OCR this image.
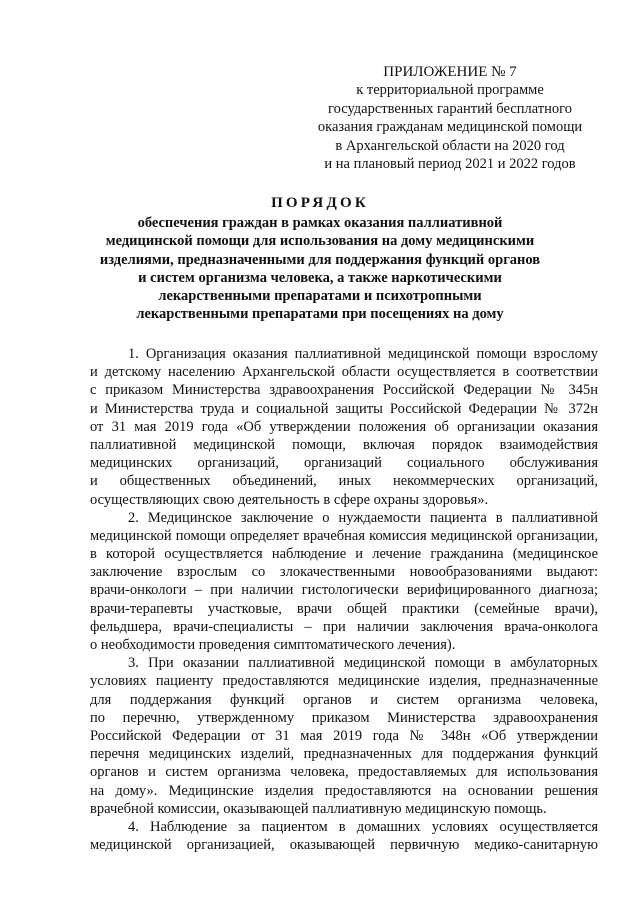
ПРИЛОЖЕНИЕ № 7
к территориальной программе
государственных гарантий бесплатного
оказания гражданам медицинской помощи
в Архангельской области на 2020 год
и на плановый период 2021 и 2022 годов
ПОРЯДОК
обеспечения граждан в рамках оказания паллиативной
медицинской помощи для использования на дому медицинскими
изделиями, предназначенными для поддержания функций органов
и систем организма человека, а также наркотическими
лекарственными препаратами и психотропными
лекарственными препаратами при посещениях на дому
1. Организация оказания паллиативной медицинской помощи взрослому
и детскому населению Архангельской области осуществляется в соответствии
с приказом Министерства здравоохранения Российской Федерации № 345н
и Министерства труда и социальной защиты Российской Федерации № 372н
от 31 мая 2019 года «Об утверждении положения об организации оказания
паллиативной медицинской помощи, включая порядок взаимодействия
медицинских организаций, организаций социального обслуживания
и общественных объединений, иных некоммерческих организаций,
осуществляющих свою деятельность в сфере охраны здоровья».
2. Медицинское заключение о нуждаемости пациента в паллиативной
медицинской помощи определяет врачебная комиссия медицинской организации,
в которой осуществляется наблюдение и лечение гражданина (медицинское
заключение взрослым со злокачественными новообразованиями выдают:
врачи-онкологи – при наличии гистологически верифицированного диагноза;
врачи-терапевты участковые, врачи общей практики (семейные врачи),
фельдшера, врачи-специалисты – при наличии заключения врача-онколога
о необходимости проведения симптоматического лечения).
3. При оказании паллиативной медицинской помощи в амбулаторных
условиях пациенту предоставляются медицинские изделия, предназначенные
для поддержания функций органов и систем организма человека,
по перечню, утвержденному приказом Министерства здравоохранения
Российской Федерации от 31 мая 2019 года № 348н «Об утверждении
перечня медицинских изделий, предназначенных для поддержания функций
органов и систем организма человека, предоставляемых для использования
на дому». Медицинские изделия предоставляются на основании решения
врачебной комиссии, оказывающей паллиативную медицинскую помощь.
4. Наблюдение за пациентом в домашних условиях осуществляется
медицинской организацией, оказывающей первичную медико-санитарную
